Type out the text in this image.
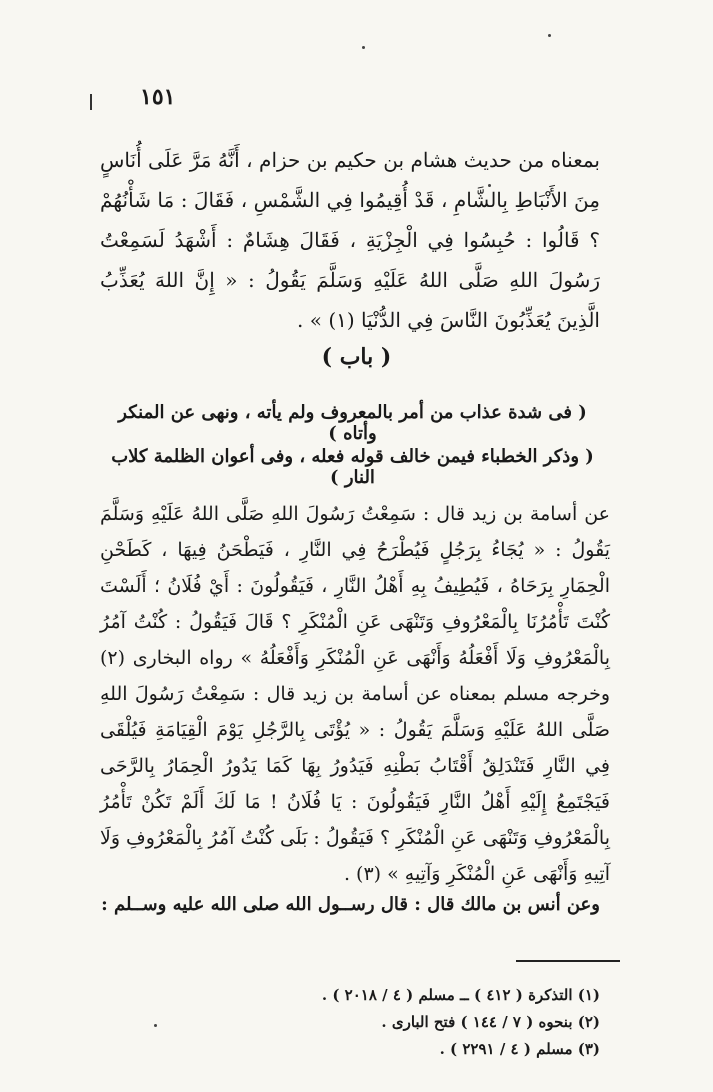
١٥١
بمعناه من حديث هشام بن حكيم بن حزام ، أَنَّهُ مَرَّ عَلَى أُنَاسٍ مِنَ الأَنْبَاطِ بِالشَّامِ ، قَدْ أُقِيمُوا فِي الشَّمْسِ ، فَقَالَ : مَا شَأْنُهُمْ ؟ قَالُوا : حُبِسُوا فِي الْجِزْيَةِ ، فَقَالَ هِشَامٌ : أَشْهَدُ لَسَمِعْتُ رَسُولَ اللهِ صَلَّى اللهُ عَلَيْهِ وَسَلَّمَ يَقُولُ : « إِنَّ اللهَ يُعَذِّبُ الَّذِينَ يُعَذِّبُونَ النَّاسَ فِي الدُّنْيَا (١) » .
( باب )
( فى شدة عذاب من أمر بالمعروف ولم يأته ، ونهى عن المنكر وأتاه )
( وذكر الخطباء فيمن خالف قوله فعله ، وفى أعوان الظلمة كلاب النار )
عن أسامة بن زيد قال : سَمِعْتُ رَسُولَ اللهِ صَلَّى اللهُ عَلَيْهِ وَسَلَّمَ يَقُولُ : « يُجَاءُ بِرَجُلٍ فَيُطْرَحُ فِي النَّارِ ، فَيَطْحَنُ فِيهَا ، كَطَحْنِ الْحِمَارِ بِرَحَاهُ ، فَيُطِيفُ بِهِ أَهْلُ النَّارِ ، فَيَقُولُونَ : أَيْ فُلَانُ ؛ أَلَسْتَ كُنْتَ تَأْمُرُنَا بِالْمَعْرُوفِ وَتَنْهَى عَنِ الْمُنْكَرِ ؟ قَالَ فَيَقُولُ : كُنْتُ آمُرُ بِالْمَعْرُوفِ وَلَا أَفْعَلُهُ وَأَنْهَى عَنِ الْمُنْكَرِ وَأَفْعَلُهُ » رواه البخارى (٢) وخرجه مسلم بمعناه عن أسامة بن زيد قال : سَمِعْتُ رَسُولَ اللهِ صَلَّى اللهُ عَلَيْهِ وَسَلَّمَ يَقُولُ : « يُؤْتَى بِالرَّجُلِ يَوْمَ الْقِيَامَةِ فَيُلْقَى فِي النَّارِ فَتَنْدَلِقُ أَقْتَابُ بَطْنِهِ فَيَدُورُ بِهَا كَمَا يَدُورُ الْحِمَارُ بِالرَّحَى فَيَجْتَمِعُ إِلَيْهِ أَهْلُ النَّارِ فَيَقُولُونَ : يَا فُلَانُ ! مَا لَكَ أَلَمْ تَكُنْ تَأْمُرُ بِالْمَعْرُوفِ وَتَنْهَى عَنِ الْمُنْكَرِ ؟ فَيَقُولُ : بَلَى كُنْتُ آمُرُ بِالْمَعْرُوفِ وَلَا آتِيهِ وَأَنْهَى عَنِ الْمُنْكَرِ وَآتِيهِ » (٣) .
وعن أنس بن مالك قال : قال رســول الله صلى الله عليه وســلم :
(١) التذكرة ( ٤١٢ ) ــ مسلم ( ٤ / ٢٠١٨ ) .
(٢) بنحوه ( ٧ / ١٤٤ ) فتح البارى .
(٣) مسلم ( ٤ / ٢٢٩١ ) .
